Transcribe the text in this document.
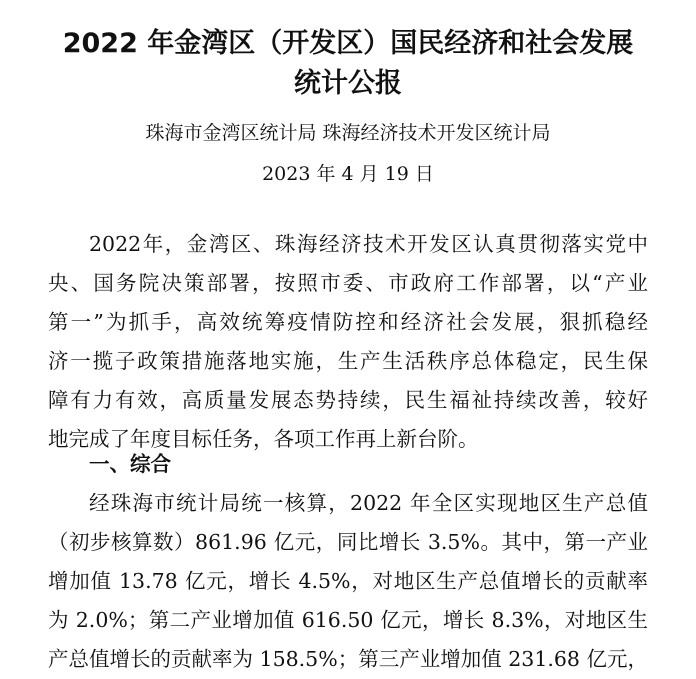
2022 年金湾区（开发区）国民经济和社会发展
统计公报
珠海市金湾区统计局 珠海经济技术开发区统计局
2023 年 4 月 19 日
2022年，金湾区、珠海经济技术开发区认真贯彻落实党中
央、国务院决策部署，按照市委、市政府工作部署，以“产业
第一”为抓手，高效统筹疫情防控和经济社会发展，狠抓稳经
济一揽子政策措施落地实施，生产生活秩序总体稳定，民生保
障有力有效，高质量发展态势持续，民生福祉持续改善，较好
地完成了年度目标任务，各项工作再上新台阶。
一、综合
经珠海市统计局统一核算，2022 年全区实现地区生产总值
（初步核算数）861.96 亿元，同比增长 3.5%。其中，第一产业
增加值 13.78 亿元，增长 4.5%，对地区生产总值增长的贡献率
为 2.0%；第二产业增加值 616.50 亿元，增长 8.3%，对地区生
产总值增长的贡献率为 158.5%；第三产业增加值 231.68 亿元，
